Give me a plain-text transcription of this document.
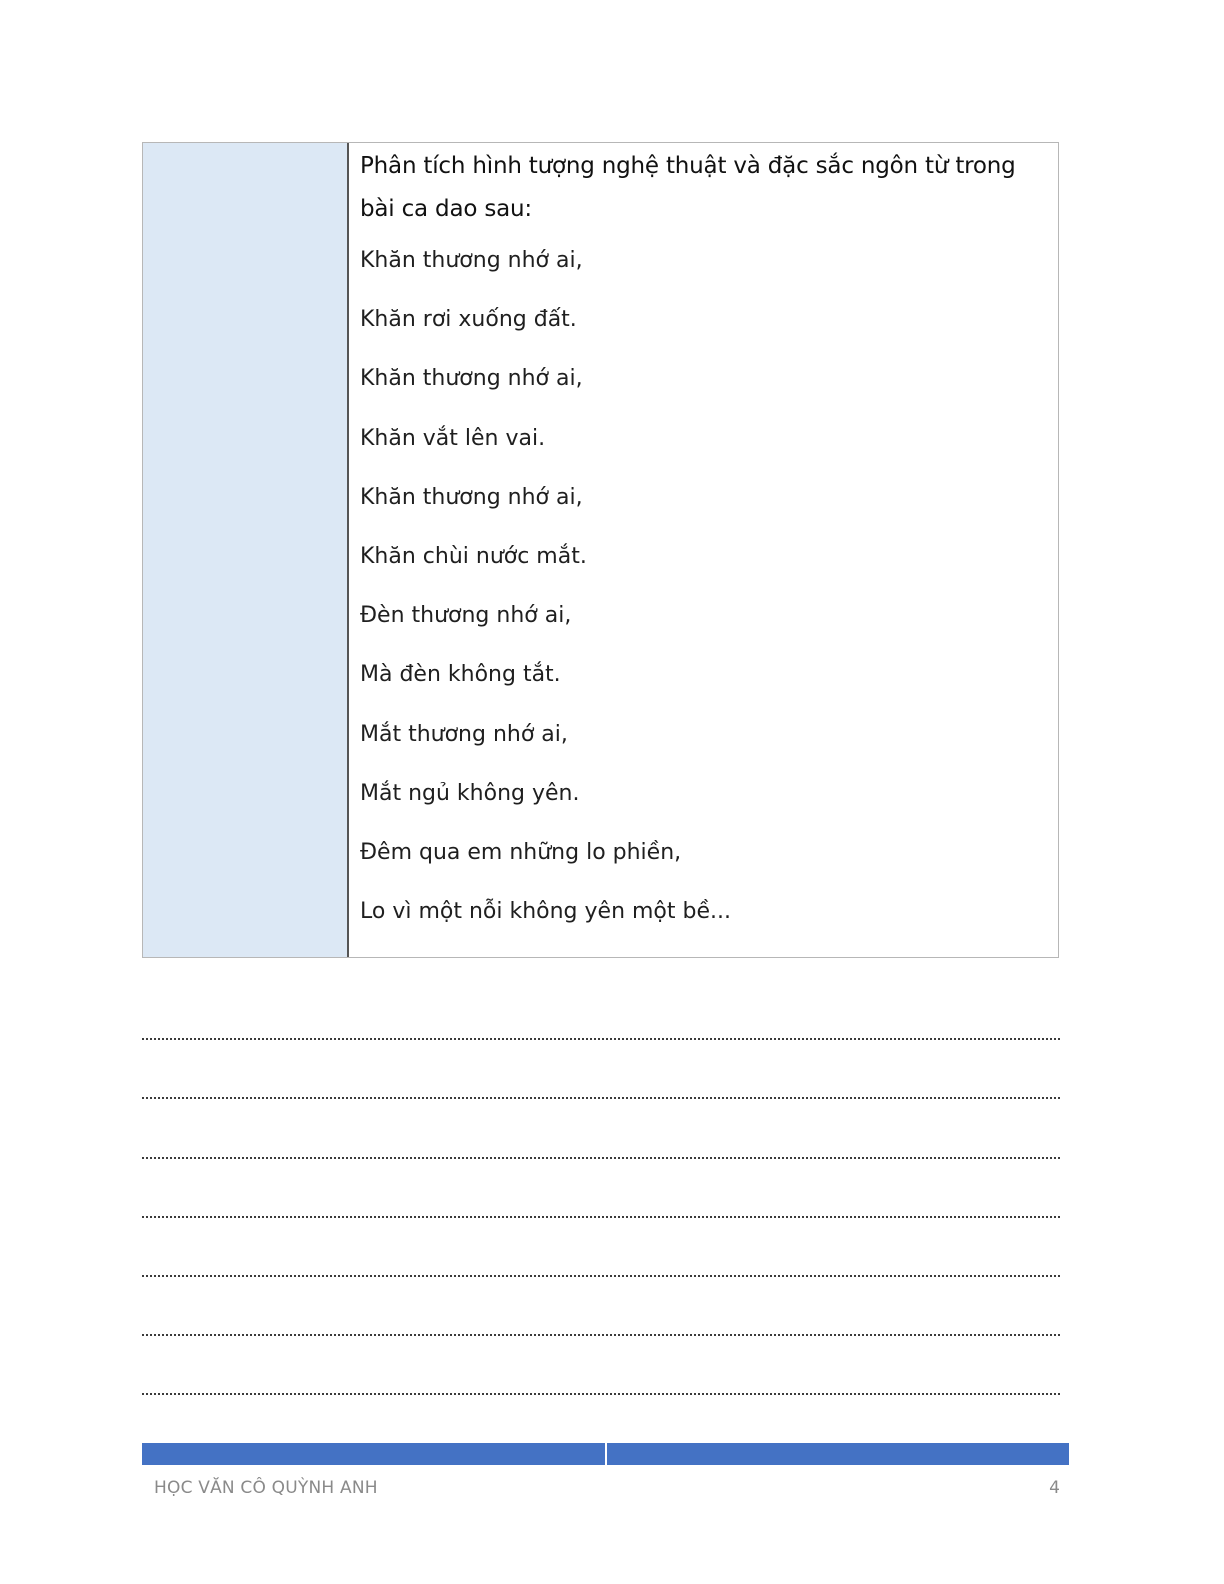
Phân tích hình tượng nghệ thuật và đặc sắc ngôn từ trong bài ca dao sau:

Khăn thương nhớ ai,

Khăn rơi xuống đất.

Khăn thương nhớ ai,

Khăn vắt lên vai.

Khăn thương nhớ ai,

Khăn chùi nước mắt.

Đèn thương nhớ ai,

Mà đèn không tắt.

Mắt thương nhớ ai,

Mắt ngủ không yên.

Đêm qua em những lo phiền,

Lo vì một nỗi không yên một bề...

HỌC VĂN CÔ QUỲNH ANH	4
